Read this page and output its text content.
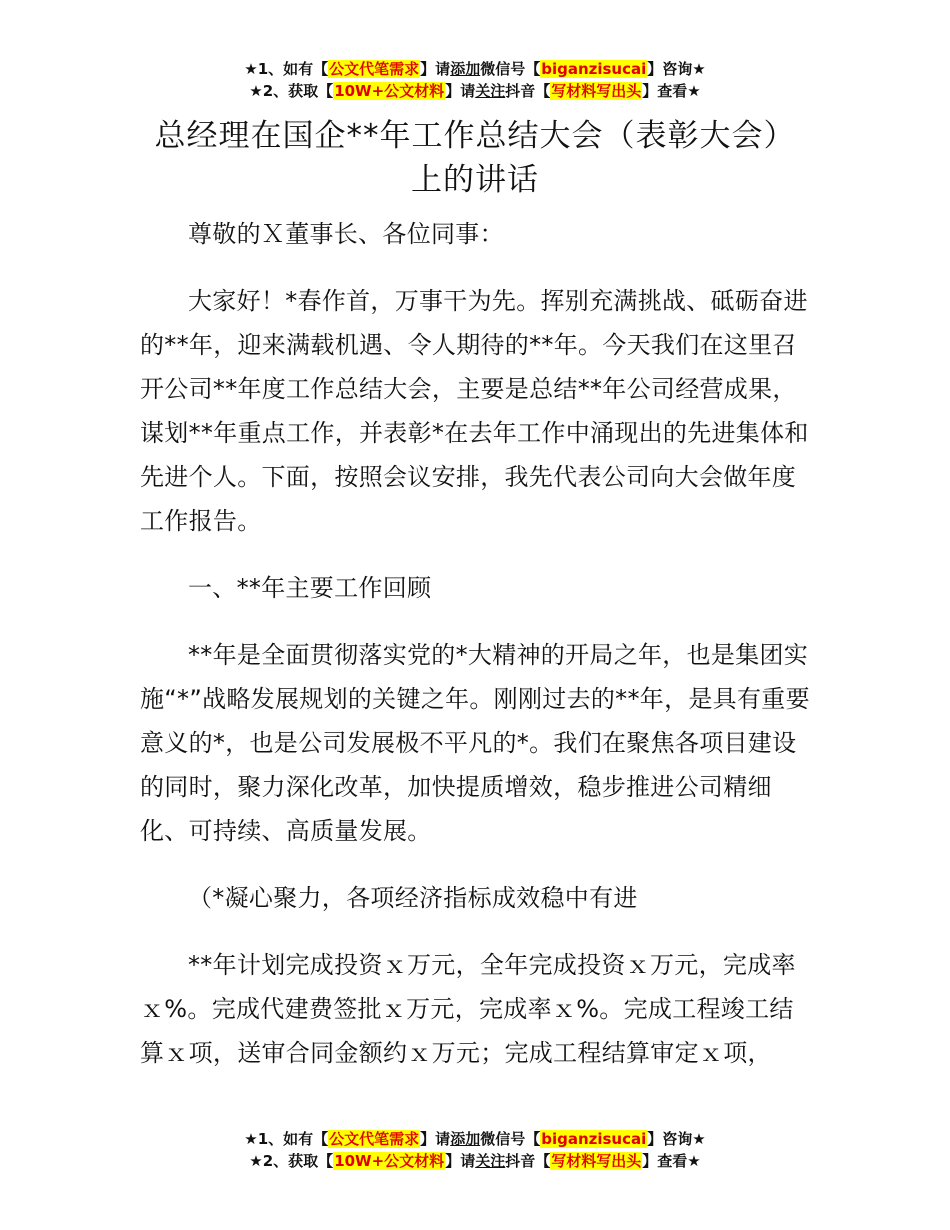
★1、如有【公文代笔需求】请添加微信号【biganzisucai】咨询★
★2、获取【10W+公文材料】请关注抖音【写材料写出头】查看★
总经理在国企**年工作总结大会（表彰大会）
上的讲话

尊敬的Ｘ董事长、各位同事：

大家好！*春作首，万事干为先。挥别充满挑战、砥砺奋进的**年，迎来满载机遇、令人期待的**年。今天我们在这里召开公司**年度工作总结大会，主要是总结**年公司经营成果，谋划**年重点工作，并表彰*在去年工作中涌现出的先进集体和先进个人。下面，按照会议安排，我先代表公司向大会做年度工作报告。

一、**年主要工作回顾

**年是全面贯彻落实党的*大精神的开局之年，也是集团实施“*”战略发展规划的关键之年。刚刚过去的**年，是具有重要意义的*，也是公司发展极不平凡的*。我们在聚焦各项目建设的同时，聚力深化改革，加快提质增效，稳步推进公司精细化、可持续、高质量发展。

（*凝心聚力，各项经济指标成效稳中有进

**年计划完成投资ｘ万元，全年完成投资ｘ万元，完成率ｘ%。完成代建费签批ｘ万元，完成率ｘ%。完成工程竣工结算ｘ项，送审合同金额约ｘ万元；完成工程结算审定ｘ项，

★1、如有【公文代笔需求】请添加微信号【biganzisucai】咨询★
★2、获取【10W+公文材料】请关注抖音【写材料写出头】查看★
